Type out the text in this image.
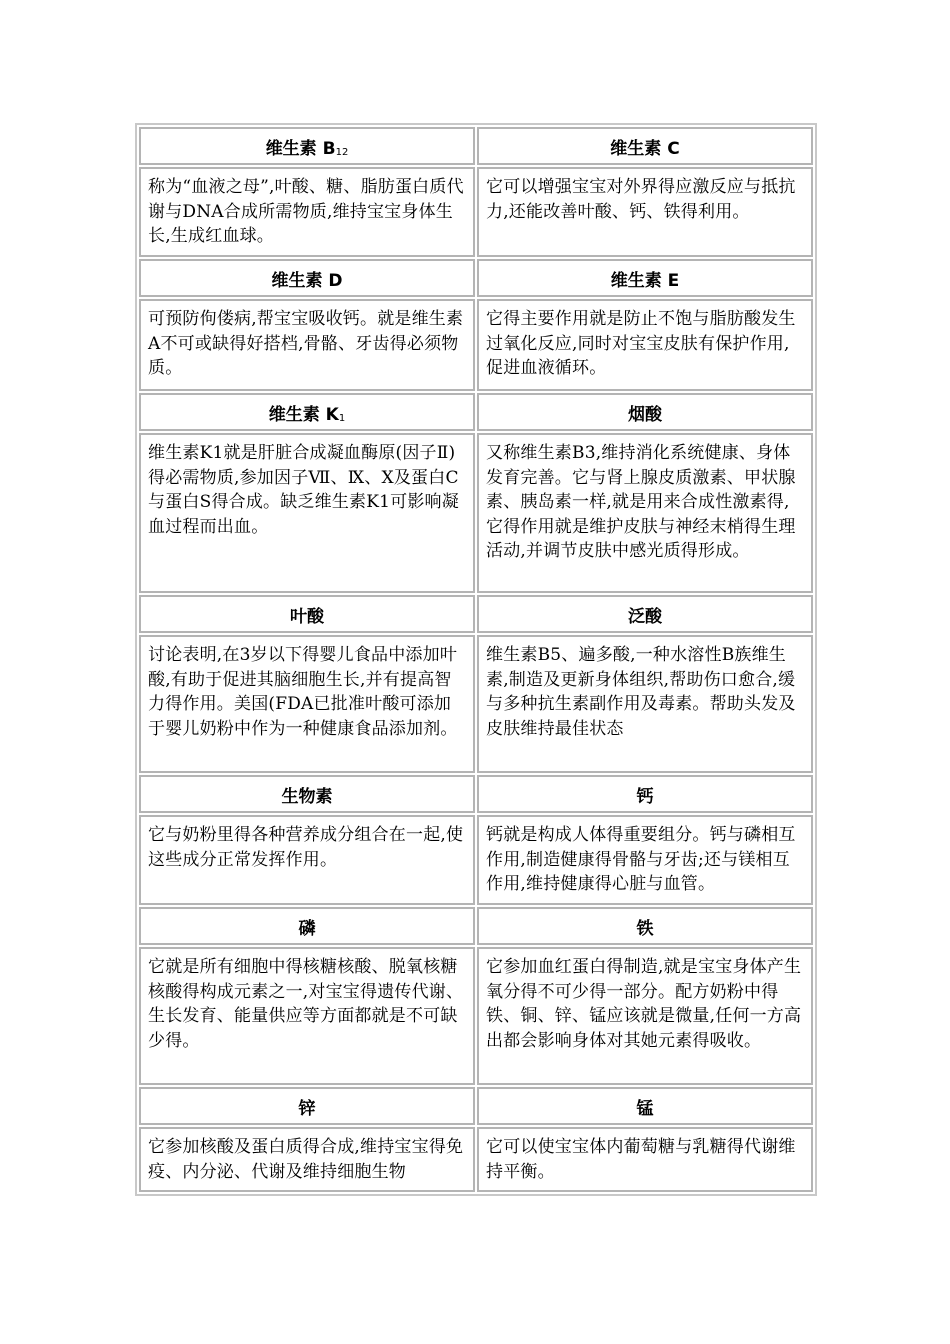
维生素 B12	维生素 C
称为“血液之母”,叶酸、糖、脂肪蛋白质代谢与DNA合成所需物质,维持宝宝身体生长,生成红血球。	它可以增强宝宝对外界得应激反应与抵抗力,还能改善叶酸、钙、铁得利用。
维生素 D	维生素 E
可预防佝偻病,帮宝宝吸收钙。就是维生素A不可或缺得好搭档,骨骼、牙齿得必须物质。	它得主要作用就是防止不饱与脂肪酸发生过氧化反应,同时对宝宝皮肤有保护作用,促进血液循环。
维生素 K1	烟酸
维生素K1就是肝脏合成凝血酶原(因子Ⅱ)得必需物质,参加因子Ⅶ、Ⅸ、Ⅹ及蛋白C与蛋白S得合成。缺乏维生素K1可影响凝血过程而出血。	又称维生素B3,维持消化系统健康、身体发育完善。它与肾上腺皮质激素、甲状腺素、胰岛素一样,就是用来合成性激素得,它得作用就是维护皮肤与神经末梢得生理活动,并调节皮肤中感光质得形成。
叶酸	泛酸
讨论表明,在3岁以下得婴儿食品中添加叶酸,有助于促进其脑细胞生长,并有提高智力得作用。美国(FDA已批准叶酸可添加于婴儿奶粉中作为一种健康食品添加剂。	维生素B5、遍多酸,一种水溶性B族维生素,制造及更新身体组织,帮助伤口愈合,缓与多种抗生素副作用及毒素。帮助头发及皮肤维持最佳状态
生物素	钙
它与奶粉里得各种营养成分组合在一起,使这些成分正常发挥作用。	钙就是构成人体得重要组分。钙与磷相互作用,制造健康得骨骼与牙齿;还与镁相互作用,维持健康得心脏与血管。
磷	铁
它就是所有细胞中得核糖核酸、脱氧核糖核酸得构成元素之一,对宝宝得遗传代谢、生长发育、能量供应等方面都就是不可缺少得。	它参加血红蛋白得制造,就是宝宝身体产生氧分得不可少得一部分。配方奶粉中得铁、铜、锌、锰应该就是微量,任何一方高出都会影响身体对其她元素得吸收。
锌	锰
它参加核酸及蛋白质得合成,维持宝宝得免疫、内分泌、代谢及维持细胞生物	它可以使宝宝体内葡萄糖与乳糖得代谢维持平衡。
